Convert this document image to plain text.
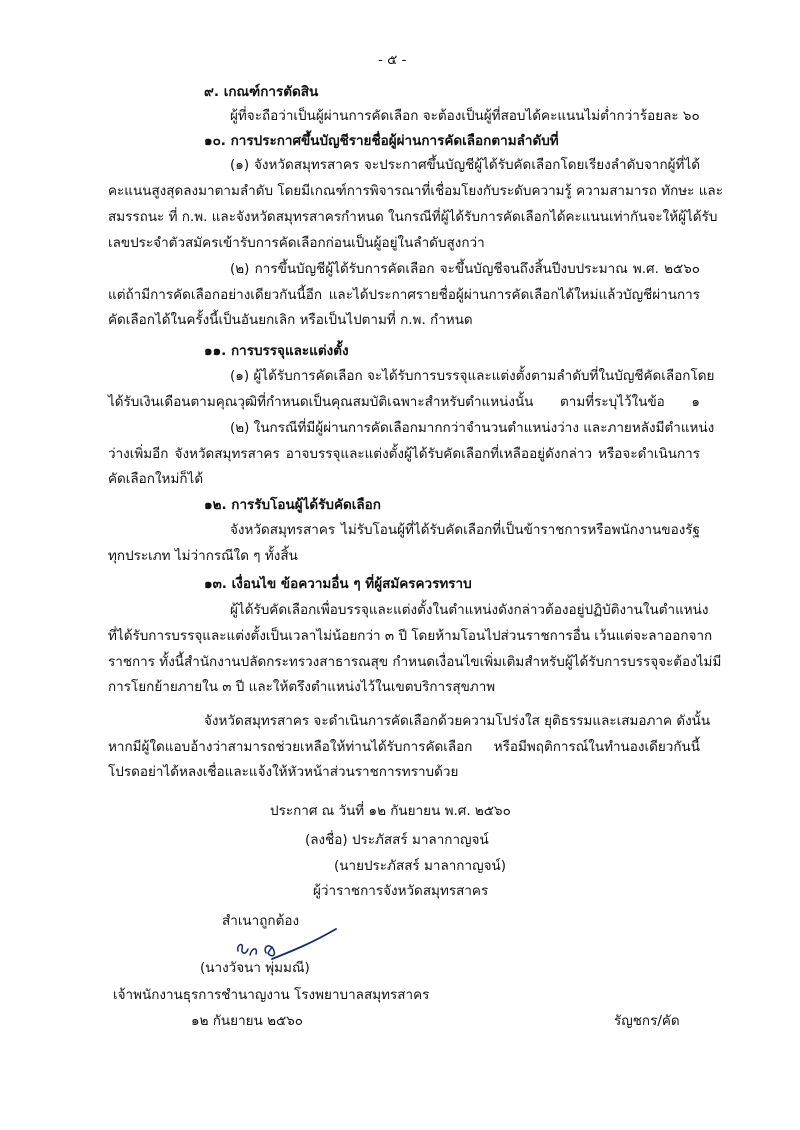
- ๕ -
๙. เกณฑ์การตัดสิน
ผู้ที่จะถือว่าเป็นผู้ผ่านการคัดเลือก จะต้องเป็นผู้ที่สอบได้คะแนนไม่ต่ำกว่าร้อยละ ๖๐
๑๐. การประกาศขึ้นบัญชีรายชื่อผู้ผ่านการคัดเลือกตามลำดับที่
(๑) จังหวัดสมุทรสาคร จะประกาศขึ้นบัญชีผู้ได้รับคัดเลือกโดยเรียงลำดับจากผู้ที่ได้
คะแนนสูงสุดลงมาตามลำดับ โดยมีเกณฑ์การพิจารณาที่เชื่อมโยงกับระดับความรู้ ความสามารถ ทักษะ และ
สมรรถนะ ที่ ก.พ. และจังหวัดสมุทรสาครกำหนด ในกรณีที่ผู้ได้รับการคัดเลือกได้คะแนนเท่ากันจะให้ผู้ได้รับ
เลขประจำตัวสมัครเข้ารับการคัดเลือกก่อนเป็นผู้อยู่ในลำดับสูงกว่า
(๒) การขึ้นบัญชีผู้ได้รับการคัดเลือก จะขึ้นบัญชีจนถึงสิ้นปีงบประมาณ พ.ศ. ๒๕๖๐
แต่ถ้ามีการคัดเลือกอย่างเดียวกันนี้อีก และได้ประกาศรายชื่อผู้ผ่านการคัดเลือกได้ใหม่แล้วบัญชีผ่านการ
คัดเลือกได้ในครั้งนี้เป็นอันยกเลิก หรือเป็นไปตามที่ ก.พ. กำหนด
๑๑. การบรรจุและแต่งตั้ง
(๑) ผู้ได้รับการคัดเลือก จะได้รับการบรรจุและแต่งตั้งตามลำดับที่ในบัญชีคัดเลือกโดย
ได้รับเงินเดือนตามคุณวุฒิที่กำหนดเป็นคุณสมบัติเฉพาะสำหรับตำแหน่งนั้น ตามที่ระบุไว้ในข้อ ๑
(๒) ในกรณีที่มีผู้ผ่านการคัดเลือกมากกว่าจำนวนตำแหน่งว่าง และภายหลังมีตำแหน่ง
ว่างเพิ่มอีก จังหวัดสมุทรสาคร อาจบรรจุและแต่งตั้งผู้ได้รับคัดเลือกที่เหลืออยู่ดังกล่าว หรือจะดำเนินการ
คัดเลือกใหม่ก็ได้
๑๒. การรับโอนผู้ได้รับคัดเลือก
จังหวัดสมุทรสาคร ไม่รับโอนผู้ที่ได้รับคัดเลือกที่เป็นข้าราชการหรือพนักงานของรัฐ
ทุกประเภท ไม่ว่ากรณีใด ๆ ทั้งสิ้น
๑๓. เงื่อนไข ข้อความอื่น ๆ ที่ผู้สมัครควรทราบ
ผู้ได้รับคัดเลือกเพื่อบรรจุและแต่งตั้งในตำแหน่งดังกล่าวต้องอยู่ปฏิบัติงานในตำแหน่ง
ที่ได้รับการบรรจุและแต่งตั้งเป็นเวลาไม่น้อยกว่า ๓ ปี โดยห้ามโอนไปส่วนราชการอื่น เว้นแต่จะลาออกจาก
ราชการ ทั้งนี้สำนักงานปลัดกระทรวงสาธารณสุข กำหนดเงื่อนไขเพิ่มเติมสำหรับผู้ได้รับการบรรจุจะต้องไม่มี
การโยกย้ายภายใน ๓ ปี และให้ตรึงตำแหน่งไว้ในเขตบริการสุขภาพ
จังหวัดสมุทรสาคร จะดำเนินการคัดเลือกด้วยความโปร่งใส ยุติธรรมและเสมอภาค ดังนั้น
หากมีผู้ใดแอบอ้างว่าสามารถช่วยเหลือให้ท่านได้รับการคัดเลือก หรือมีพฤติการณ์ในทำนองเดียวกันนี้
โปรดอย่าได้หลงเชื่อและแจ้งให้หัวหน้าส่วนราชการทราบด้วย
ประกาศ ณ วันที่ ๑๒ กันยายน พ.ศ. ๒๕๖๐
(ลงชื่อ) ประภัสสร์ มาลากาญจน์
(นายประภัสสร์ มาลากาญจน์)
ผู้ว่าราชการจังหวัดสมุทรสาคร
สำเนาถูกต้อง
(นางวัจนา พุ่มมณี)
เจ้าพนักงานธุรการชำนาญงาน โรงพยาบาลสมุทรสาคร
๑๒ กันยายน ๒๕๖๐	รัญชกร/คัด
